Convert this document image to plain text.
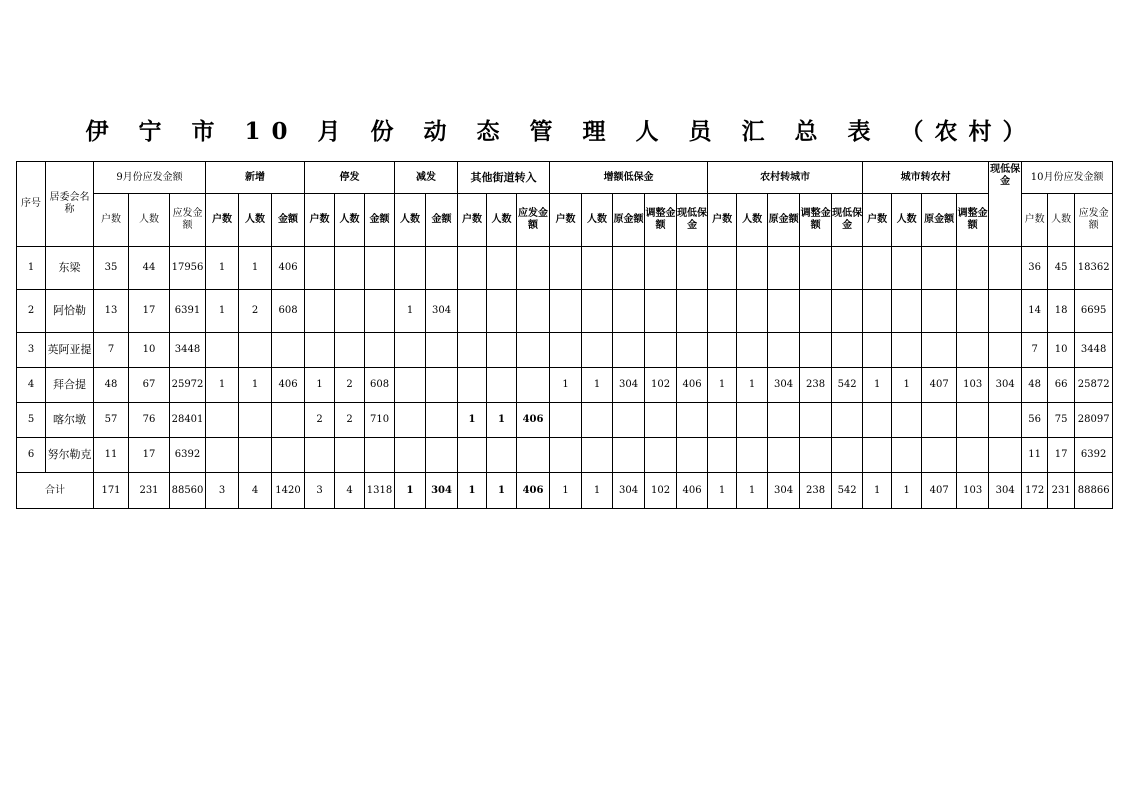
伊 宁 市 10 月 份 动 态 管 理 人 员 汇 总 表 （农村）
序号	居委会名称	9月份应发金额			新增			停发			减发		其他街道转入			增额低保金					农村转城市					城市转农村				现低保金	10月份应发金额		
		户数	人数	应发金额	户数	人数	金额	户数	人数	金额	人数	金额	户数	人数	应发金额	户数	人数	原金额	调整金额	现低保金	户数	人数	原金额	调整金额	现低保金	户数	人数	原金额	调整金额		户数	人数	应发金额
1	东梁	35	44	17956	1	1	406																								36	45	18362
2	阿恰勒	13	17	6391	1	2	608				1	304																			14	18	6695
3	英阿亚提	7	10	3448																											7	10	3448
4	拜合提	48	67	25972	1	1	406	1	2	608						1	1	304	102	406	1	1	304	238	542	1	1	407	103	304	48	66	25872
5	喀尔墩	57	76	28401				2	2	710			1	1	406																56	75	28097
6	努尔勒克	11	17	6392																											11	17	6392
合计		171	231	88560	3	4	1420	3	4	1318	1	304	1	1	406	1	1	304	102	406	1	1	304	238	542	1	1	407	103	304	172	231	88866
